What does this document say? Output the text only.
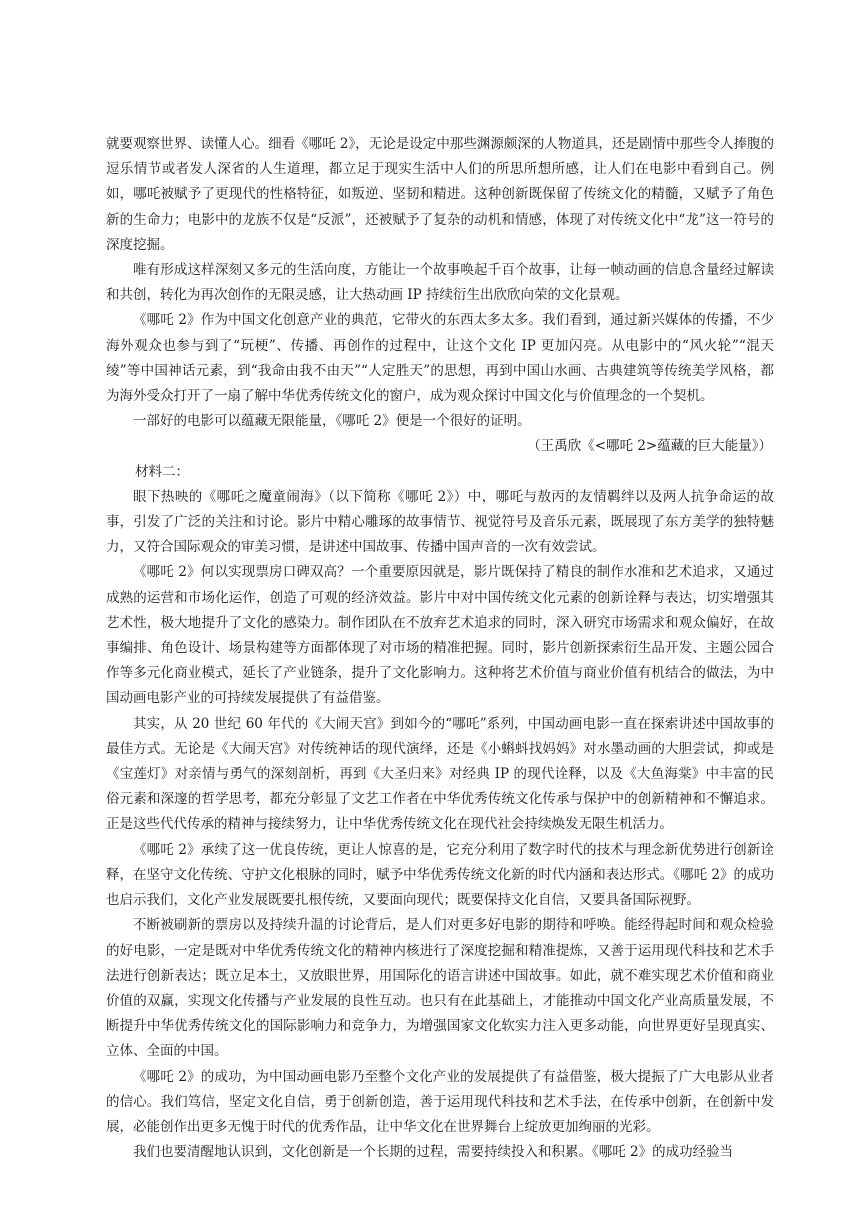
就要观察世界、读懂人心。细看《哪吒 2》，无论是设定中那些渊源颇深的人物道具，还是剧情中那些令人捧腹的逗乐情节或者发人深省的人生道理，都立足于现实生活中人们的所思所想所感，让人们在电影中看到自己。例如，哪吒被赋予了更现代的性格特征，如叛逆、坚韧和精进。这种创新既保留了传统文化的精髓，又赋予了角色新的生命力；电影中的龙族不仅是“反派”，还被赋予了复杂的动机和情感，体现了对传统文化中“龙”这一符号的深度挖掘。

唯有形成这样深刻又多元的生活向度，方能让一个故事唤起千百个故事，让每一帧动画的信息含量经过解读和共创，转化为再次创作的无限灵感，让大热动画 IP 持续衍生出欣欣向荣的文化景观。

《哪吒 2》作为中国文化创意产业的典范，它带火的东西太多太多。我们看到，通过新兴媒体的传播，不少海外观众也参与到了“玩梗”、传播、再创作的过程中，让这个文化 IP 更加闪亮。从电影中的“风火轮”“混天绫”等中国神话元素，到“我命由我不由天”“人定胜天”的思想，再到中国山水画、古典建筑等传统美学风格，都为海外受众打开了一扇了解中华优秀传统文化的窗户，成为观众探讨中国文化与价值理念的一个契机。

一部好的电影可以蕴藏无限能量，《哪吒 2》便是一个很好的证明。

（王禹欣《<哪吒 2>蕴藏的巨大能量》）

材料二：

眼下热映的《哪吒之魔童闹海》（以下简称《哪吒 2》）中，哪吒与敖丙的友情羁绊以及两人抗争命运的故事，引发了广泛的关注和讨论。影片中精心雕琢的故事情节、视觉符号及音乐元素，既展现了东方美学的独特魅力，又符合国际观众的审美习惯，是讲述中国故事、传播中国声音的一次有效尝试。

《哪吒 2》何以实现票房口碑双高？一个重要原因就是，影片既保持了精良的制作水准和艺术追求，又通过成熟的运营和市场化运作，创造了可观的经济效益。影片中对中国传统文化元素的创新诠释与表达，切实增强其艺术性，极大地提升了文化的感染力。制作团队在不放弃艺术追求的同时，深入研究市场需求和观众偏好，在故事编排、角色设计、场景构建等方面都体现了对市场的精准把握。同时，影片创新探索衍生品开发、主题公园合作等多元化商业模式，延长了产业链条，提升了文化影响力。这种将艺术价值与商业价值有机结合的做法，为中国动画电影产业的可持续发展提供了有益借鉴。

其实，从 20 世纪 60 年代的《大闹天宫》到如今的“哪吒”系列，中国动画电影一直在探索讲述中国故事的最佳方式。无论是《大闹天宫》对传统神话的现代演绎，还是《小蝌蚪找妈妈》对水墨动画的大胆尝试，抑或是《宝莲灯》对亲情与勇气的深刻剖析，再到《大圣归来》对经典 IP 的现代诠释，以及《大鱼海棠》中丰富的民俗元素和深邃的哲学思考，都充分彰显了文艺工作者在中华优秀传统文化传承与保护中的创新精神和不懈追求。正是这些代代传承的精神与接续努力，让中华优秀传统文化在现代社会持续焕发无限生机活力。

《哪吒 2》承续了这一优良传统，更让人惊喜的是，它充分利用了数字时代的技术与理念新优势进行创新诠释，在坚守文化传统、守护文化根脉的同时，赋予中华优秀传统文化新的时代内涵和表达形式。《哪吒 2》的成功也启示我们，文化产业发展既要扎根传统，又要面向现代；既要保持文化自信，又要具备国际视野。

不断被刷新的票房以及持续升温的讨论背后，是人们对更多好电影的期待和呼唤。能经得起时间和观众检验的好电影，一定是既对中华优秀传统文化的精神内核进行了深度挖掘和精准提炼，又善于运用现代科技和艺术手法进行创新表达；既立足本土，又放眼世界，用国际化的语言讲述中国故事。如此，就不难实现艺术价值和商业价值的双赢，实现文化传播与产业发展的良性互动。也只有在此基础上，才能推动中国文化产业高质量发展，不断提升中华优秀传统文化的国际影响力和竞争力，为增强国家文化软实力注入更多动能，向世界更好呈现真实、立体、全面的中国。

《哪吒 2》的成功，为中国动画电影乃至整个文化产业的发展提供了有益借鉴，极大提振了广大电影从业者的信心。我们笃信，坚定文化自信，勇于创新创造，善于运用现代科技和艺术手法，在传承中创新，在创新中发展，必能创作出更多无愧于时代的优秀作品，让中华文化在世界舞台上绽放更加绚丽的光彩。

我们也要清醒地认识到，文化创新是一个长期的过程，需要持续投入和积累。《哪吒 2》的成功经验当
